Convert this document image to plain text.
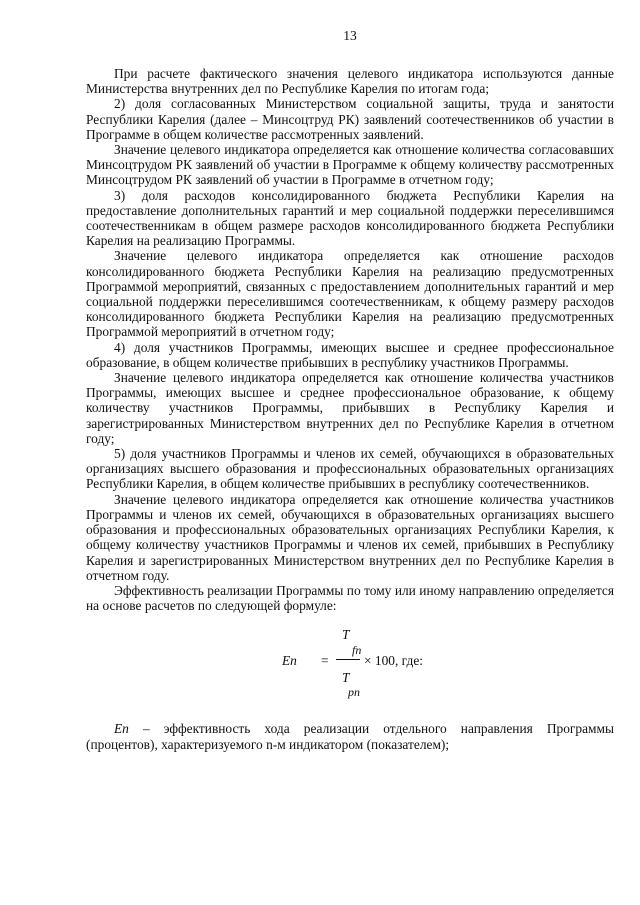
13

При расчете фактического значения целевого индикатора используются данные Министерства внутренних дел по Республике Карелия по итогам года;

2) доля согласованных Министерством социальной защиты, труда и занятости Республики Карелия (далее – Минсоцтруд РК) заявлений соотечественников об участии в Программе в общем количестве рассмотренных заявлений.

Значение целевого индикатора определяется как отношение количества согласовавших Минсоцтрудом РК заявлений об участии в Программе к общему количеству рассмотренных Минсоцтрудом РК заявлений об участии в Программе в отчетном году;

3) доля расходов консолидированного бюджета Республики Карелия на предоставление дополнительных гарантий и мер социальной поддержки переселившимся соотечественникам в общем размере расходов консолидированного бюджета Республики Карелия на реализацию Программы.

Значение целевого индикатора определяется как отношение расходов консолидированного бюджета Республики Карелия на реализацию предусмотренных Программой мероприятий, связанных с предоставлением дополнительных гарантий и мер социальной поддержки переселившимся соотечественникам, к общему размеру расходов консолидированного бюджета Республики Карелия на реализацию предусмотренных Программой мероприятий в отчетном году;

4) доля участников Программы, имеющих высшее и среднее профессиональное образование, в общем количестве прибывших в республику участников Программы.

Значение целевого индикатора определяется как отношение количества участников Программы, имеющих высшее и среднее профессиональное образование, к общему количеству участников Программы, прибывших в Республику Карелия и зарегистрированных Министерством внутренних дел по Республике Карелия в отчетном году;

5) доля участников Программы и членов их семей, обучающихся в образовательных организациях высшего образования и профессиональных образовательных организациях Республики Карелия, в общем количестве прибывших в республику соотечественников.

Значение целевого индикатора определяется как отношение количества участников Программы и членов их семей, обучающихся в образовательных организациях высшего образования и профессиональных образовательных организациях Республики Карелия, к общему количеству участников Программы и членов их семей, прибывших в Республику Карелия и зарегистрированных Министерством внутренних дел по Республике Карелия в отчетном году.

Эффективность реализации Программы по тому или иному направлению определяется на основе расчетов по следующей формуле:

Еn =
T
fn
× 100, где:
T
pn

Еn – эффективность хода реализации отдельного направления Программы (процентов), характеризуемого n-м индикатором (показателем);
